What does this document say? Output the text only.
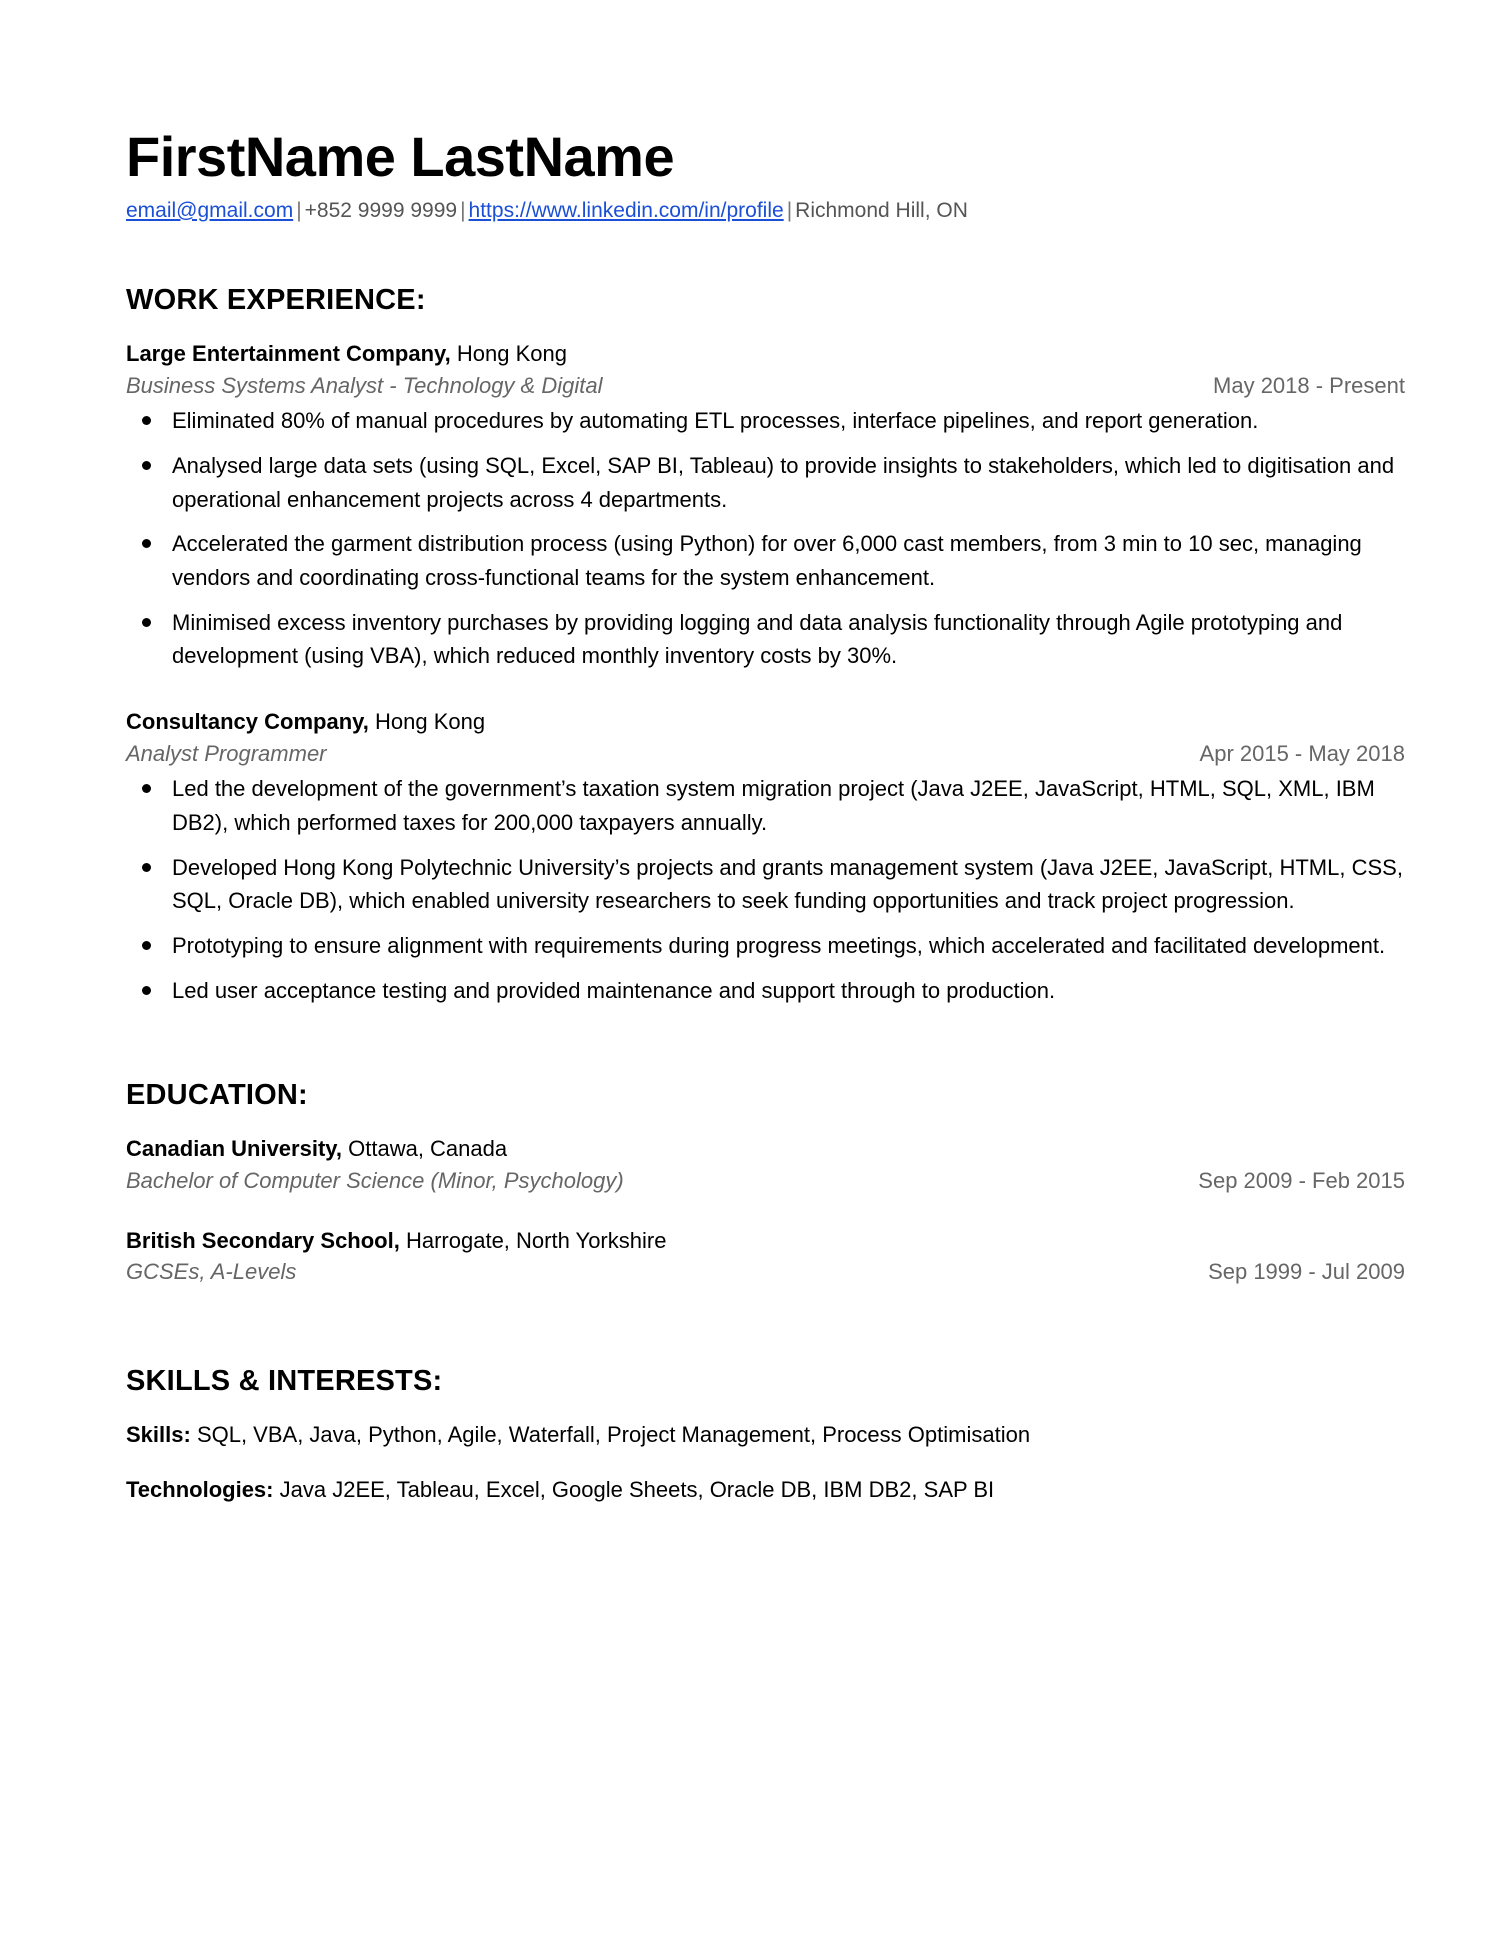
FirstName LastName

email@gmail.com | +852 9999 9999 | https://www.linkedin.com/in/profile | Richmond Hill, ON

WORK EXPERIENCE:

Large Entertainment Company, Hong Kong

Business Systems Analyst - Technology & Digital	May 2018 - Present
Eliminated 80% of manual procedures by automating ETL processes, interface pipelines, and report generation.
Analysed large data sets (using SQL, Excel, SAP BI, Tableau) to provide insights to stakeholders, which led to digitisation and operational enhancement projects across 4 departments.
Accelerated the garment distribution process (using Python) for over 6,000 cast members, from 3 min to 10 sec, managing vendors and coordinating cross-functional teams for the system enhancement.
Minimised excess inventory purchases by providing logging and data analysis functionality through Agile prototyping and development (using VBA), which reduced monthly inventory costs by 30%.

Consultancy Company, Hong Kong

Analyst Programmer	Apr 2015 - May 2018
Led the development of the government’s taxation system migration project (Java J2EE, JavaScript, HTML, SQL, XML, IBM DB2), which performed taxes for 200,000 taxpayers annually.
Developed Hong Kong Polytechnic University’s projects and grants management system (Java J2EE, JavaScript, HTML, CSS, SQL, Oracle DB), which enabled university researchers to seek funding opportunities and track project progression.
Prototyping to ensure alignment with requirements during progress meetings, which accelerated and facilitated development.
Led user acceptance testing and provided maintenance and support through to production.
EDUCATION:

Canadian University, Ottawa, Canada

Bachelor of Computer Science (Minor, Psychology)	Sep 2009 - Feb 2015

British Secondary School, Harrogate, North Yorkshire

GCSEs, A-Levels	Sep 1999 - Jul 2009
SKILLS & INTERESTS:

Skills: SQL, VBA, Java, Python, Agile, Waterfall, Project Management, Process Optimisation

Technologies: Java J2EE, Tableau, Excel, Google Sheets, Oracle DB, IBM DB2, SAP BI
